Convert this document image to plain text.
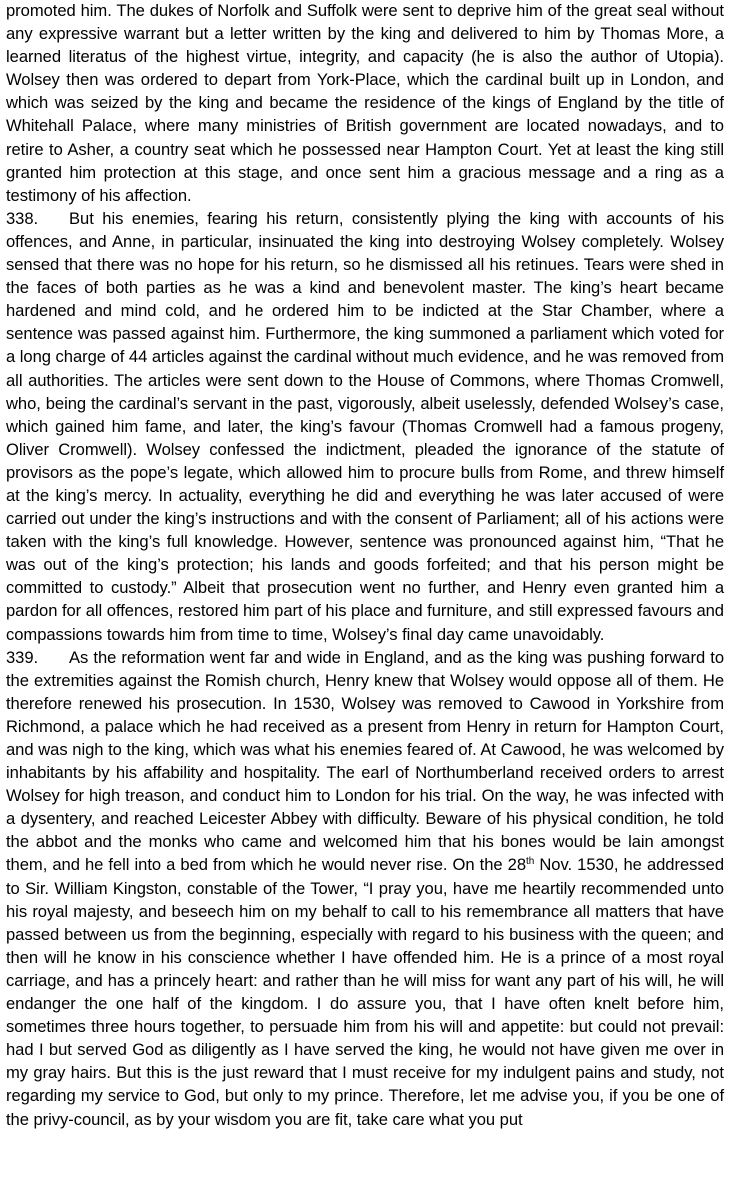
promoted him. The dukes of Norfolk and Suffolk were sent to deprive him of the great seal without any expressive warrant but a letter written by the king and delivered to him by Thomas More, a learned literatus of the highest virtue, integrity, and capacity (he is also the author of Utopia). Wolsey then was ordered to depart from York-Place, which the cardinal built up in London, and which was seized by the king and became the residence of the kings of England by the title of Whitehall Palace, where many ministries of British government are located nowadays, and to retire to Asher, a country seat which he possessed near Hampton Court. Yet at least the king still granted him protection at this stage, and once sent him a gracious message and a ring as a testimony of his affection.

338. But his enemies, fearing his return, consistently plying the king with accounts of his offences, and Anne, in particular, insinuated the king into destroying Wolsey completely. Wolsey sensed that there was no hope for his return, so he dismissed all his retinues. Tears were shed in the faces of both parties as he was a kind and benevolent master. The king’s heart became hardened and mind cold, and he ordered him to be indicted at the Star Chamber, where a sentence was passed against him. Furthermore, the king summoned a parliament which voted for a long charge of 44 articles against the cardinal without much evidence, and he was removed from all authorities. The articles were sent down to the House of Commons, where Thomas Cromwell, who, being the cardinal’s servant in the past, vigorously, albeit uselessly, defended Wolsey’s case, which gained him fame, and later, the king’s favour (Thomas Cromwell had a famous progeny, Oliver Cromwell). Wolsey confessed the indictment, pleaded the ignorance of the statute of provisors as the pope’s legate, which allowed him to procure bulls from Rome, and threw himself at the king’s mercy. In actuality, everything he did and everything he was later accused of were carried out under the king’s instructions and with the consent of Parliament; all of his actions were taken with the king’s full knowledge. However, sentence was pronounced against him, “That he was out of the king’s protection; his lands and goods forfeited; and that his person might be committed to custody.” Albeit that prosecution went no further, and Henry even granted him a pardon for all offences, restored him part of his place and furniture, and still expressed favours and compassions towards him from time to time, Wolsey’s final day came unavoidably.

339. As the reformation went far and wide in England, and as the king was pushing forward to the extremities against the Romish church, Henry knew that Wolsey would oppose all of them. He therefore renewed his prosecution. In 1530, Wolsey was removed to Cawood in Yorkshire from Richmond, a palace which he had received as a present from Henry in return for Hampton Court, and was nigh to the king, which was what his enemies feared of. At Cawood, he was welcomed by inhabitants by his affability and hospitality. The earl of Northumberland received orders to arrest Wolsey for high treason, and conduct him to London for his trial. On the way, he was infected with a dysentery, and reached Leicester Abbey with difficulty. Beware of his physical condition, he told the abbot and the monks who came and welcomed him that his bones would be lain amongst them, and he fell into a bed from which he would never rise. On the 28th Nov. 1530, he addressed to Sir. William Kingston, constable of the Tower, “I pray you, have me heartily recommended unto his royal majesty, and beseech him on my behalf to call to his remembrance all matters that have passed between us from the beginning, especially with regard to his business with the queen; and then will he know in his conscience whether I have offended him. He is a prince of a most royal carriage, and has a princely heart: and rather than he will miss for want any part of his will, he will endanger the one half of the kingdom. I do assure you, that I have often knelt before him, sometimes three hours together, to persuade him from his will and appetite: but could not prevail: had I but served God as diligently as I have served the king, he would not have given me over in my gray hairs. But this is the just reward that I must receive for my indulgent pains and study, not regarding my service to God, but only to my prince. Therefore, let me advise you, if you be one of the privy-council, as by your wisdom you are fit, take care what you put
